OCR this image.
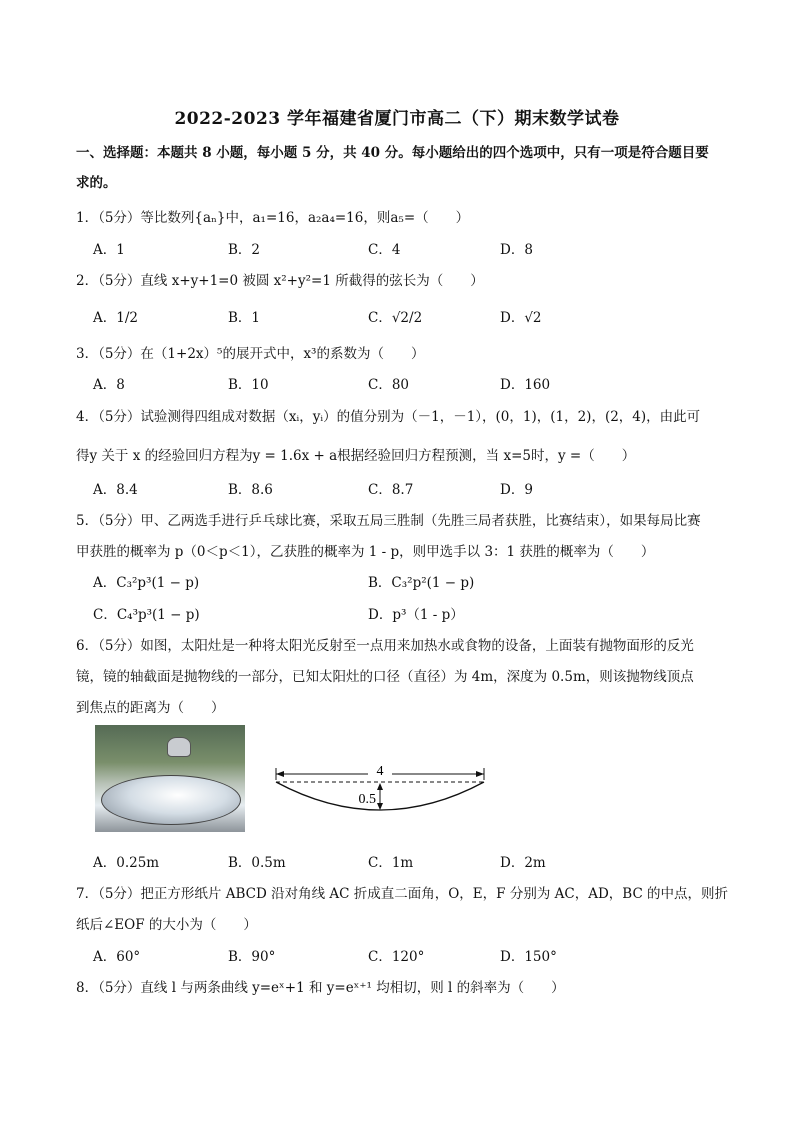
2022-2023 学年福建省厦门市高二（下）期末数学试卷
一、选择题：本题共 8 小题，每小题 5 分，共 40 分。每小题给出的四个选项中，只有一项是符合题目要
求的。
1．（5分）等比数列{aₙ}中，a₁=16，a₂a₄=16，则a₅=（　　）
A．1	B．2	C．4	D．8
2．（5分）直线 x+y+1=0 被圆 x²+y²=1 所截得的弦长为（　　）
A．1/2	B．1	C．√2/2	D．√2
3．（5分）在（1+2x）⁵的展开式中，x³的系数为（　　）
A．8	B．10	C．80	D．160
4．（5分）试验测得四组成对数据（xᵢ，yᵢ）的值分别为（－1，－1），(0，1)，(1，2)，(2，4)，由此可
得y 关于 x 的经验回归方程为y = 1.6x + a根据经验回归方程预测，当 x=5时，y =（　　）
A．8.4	B．8.6	C．8.7	D．9
5．（5分）甲、乙两选手进行乒乓球比赛，采取五局三胜制（先胜三局者获胜，比赛结束），如果每局比赛
甲获胜的概率为 p（0＜p＜1），乙获胜的概率为 1 - p，则甲选手以 3：1 获胜的概率为（　　）
A．C₃²p³(1 − p)	B．C₃²p²(1 − p)
C．C₄³p³(1 − p)	D．p³（1 - p）
6．（5分）如图，太阳灶是一种将太阳光反射至一点用来加热水或食物的设备，上面装有抛物面形的反光
镜，镜的轴截面是抛物线的一部分，已知太阳灶的口径（直径）为 4m，深度为 0.5m，则该抛物线顶点
到焦点的距离为（　　）
4
0.5
A．0.25m	B．0.5m	C．1m	D．2m
7．（5分）把正方形纸片 ABCD 沿对角线 AC 折成直二面角，O，E，F 分别为 AC，AD，BC 的中点，则折
纸后∠EOF 的大小为（　　）
A．60°	B．90°	C．120°	D．150°
8．（5分）直线 l 与两条曲线 y=eˣ+1 和 y=eˣ⁺¹ 均相切，则 l 的斜率为（　　）
